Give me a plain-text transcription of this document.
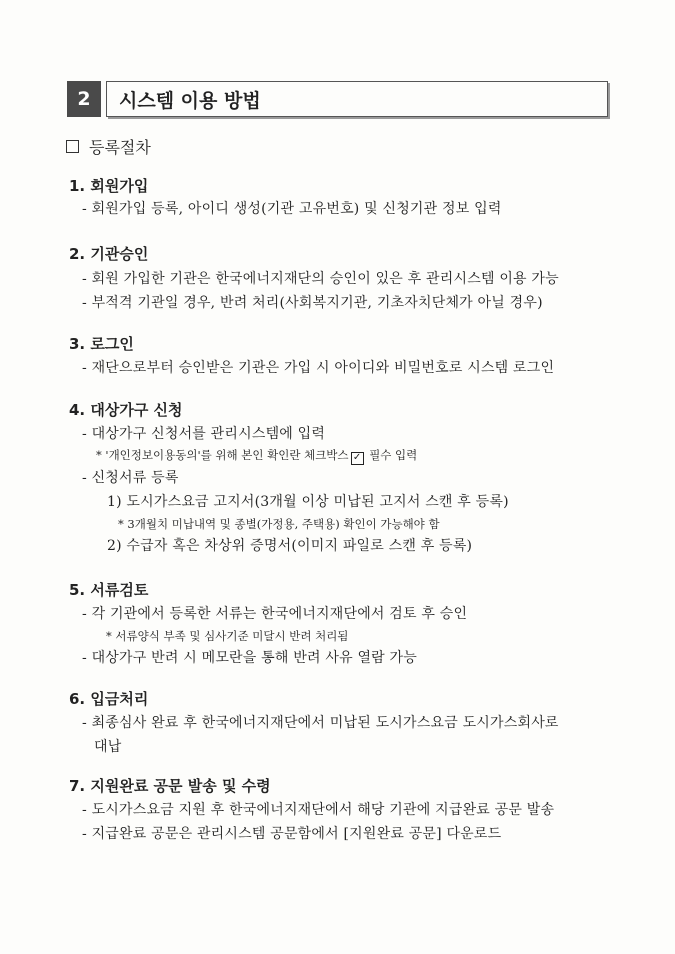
2	시스템 이용 방법
등록절차
1. 회원가입
- 회원가입 등록, 아이디 생성(기관 고유번호) 및 신청기관 정보 입력
2. 기관승인
- 회원 가입한 기관은 한국에너지재단의 승인이 있은 후 관리시스템 이용 가능
- 부적격 기관일 경우, 반려 처리(사회복지기관, 기초자치단체가 아닐 경우)
3. 로그인
- 재단으로부터 승인받은 기관은 가입 시 아이디와 비밀번호로 시스템 로그인
4. 대상가구 신청
- 대상가구 신청서를 관리시스템에 입력
* '개인정보이용동의'를 위해 본인 확인란 체크박스 ✓ 필수 입력
- 신청서류 등록
1) 도시가스요금 고지서(3개월 이상 미납된 고지서 스캔 후 등록)
* 3개월치 미납내역 및 종별(가정용, 주택용) 확인이 가능해야 함
2) 수급자 혹은 차상위 증명서(이미지 파일로 스캔 후 등록)
5. 서류검토
- 각 기관에서 등록한 서류는 한국에너지재단에서 검토 후 승인
* 서류양식 부족 및 심사기준 미달시 반려 처리됨
- 대상가구 반려 시 메모란을 통해 반려 사유 열람 가능
6. 입금처리
- 최종심사 완료 후 한국에너지재단에서 미납된 도시가스요금 도시가스회사로
대납
7. 지원완료 공문 발송 및 수령
- 도시가스요금 지원 후 한국에너지재단에서 해당 기관에 지급완료 공문 발송
- 지급완료 공문은 관리시스템 공문함에서 [지원완료 공문] 다운로드
